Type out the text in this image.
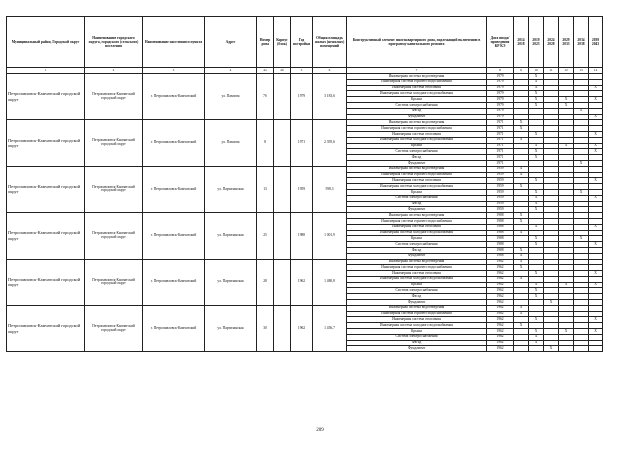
Муниципальный район, Городской округ	Наименование городского округа, городского (сельского) поселения	Наименование населенного пункта	Адрес	Номер дома	Корпус (блок)	Год постройки	Общая площадь жилых (нежилых) помещений	Конструктивный элемент многоквартирного дома, подлежащий включению в программу капитального ремонта	Дата ввода/ проведения КР КЭ	2014 2018	2019 2023	2024 2028	2029 2033	2034 2038	2039 2043
1	2	3	4	4а	4б	5	6	7	8	9	10	11	12	13	14
Петропавловск-Камчатский городской округ	Петропавловск-Камчатский городской округ	г. Петропавловск-Камчатский	ул. Павлова	7б		1979	3 183,6	Инженерная система водоотведения	1979		X				
								Инженерная система горячего водоснабжения	1979		X				
								Инженерная система отопления	1979		X				X
								Инженерная система холодного водоснабжения	1979		X				
								Крыша	1979		X		X		X
								Система электроснабжения	1979		X		X		
								Фасад	1979					X	
								Фундамент	1979						X
Петропавловск-Камчатский городской округ	Петропавловск-Камчатский городской округ	г. Петропавловск-Камчатский	ул. Павлова	8		1971	2 395,6	Инженерная система водоотведения	1971	X					
								Инженерная система горячего водоснабжения	1971	X					
								Инженерная система отопления	1971		X				X
								Инженерная система холодного водоснабжения	1971	X					
								Крыша	1971		X		X		X
								Система электроснабжения	1971		X				X
								Фасад	1971		X				
								Фундамент	1971					X	
Петропавловск-Камчатский городской округ	Петропавловск-Камчатский городской округ	г. Петропавловск-Камчатский	ул. Партизанская	13		1959	598,3	Инженерная система водоотведения	1959	X					
								Инженерная система горячего водоснабжения	1959	X					
								Инженерная система отопления	1959		X				X
								Инженерная система холодного водоснабжения	1959	X					
								Крыша	1959		X			X	
								Система электроснабжения	1959		X				X
								Фасад	1959		X				
								Фундамент	1959		X				
Петропавловск-Камчатский городской округ	Петропавловск-Камчатский городской округ	г. Петропавловск-Камчатский	ул. Партизанская	25		1988	1 001,9	Инженерная система водоотведения	1988	X					
								Инженерная система горячего водоснабжения	1988	X					
								Инженерная система отопления	1988		X				X
								Инженерная система холодного водоснабжения	1988	X					
								Крыша	1988		X			X	
								Система электроснабжения	1988		X				X
								Фасад	1988	X					
								Фундамент	1988	X					
Петропавловск-Камчатский городской округ	Петропавловск-Камчатский городской округ	г. Петропавловск-Камчатский	ул. Партизанская	28		1962	1 480,8	Инженерная система водоотведения	1962	X					
								Инженерная система горячего водоснабжения	1962	X					
								Инженерная система отопления	1962		X				X
								Инженерная система холодного водоснабжения	1962	X					
								Крыша	1962		X		X		X
								Система электроснабжения	1962		X				
								Фасад	1962		X				
								Фундамент	1962			X			
Петропавловск-Камчатский городской округ	Петропавловск-Камчатский городской округ	г. Петропавловск-Камчатский	ул. Партизанская	30		1962	1 456,7	Инженерная система водоотведения	1962	X					
								Инженерная система горячего водоснабжения	1962	X					
								Инженерная система отопления	1962		X				X
								Инженерная система холодного водоснабжения	1962	X					
								Крыша	1962		X		X		X
								Система электроснабжения	1962		X				
								Фасад	1962		X				
								Фундамент	1962			X			
209
